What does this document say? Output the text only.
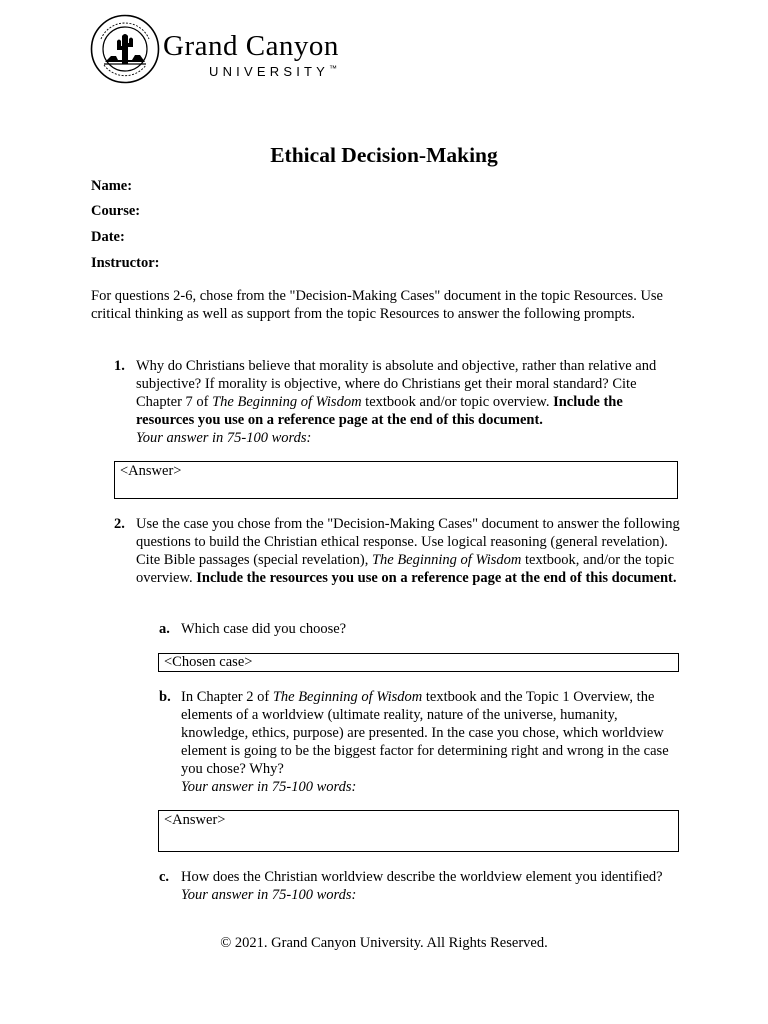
Grand Canyon
UNIVERSITY™
Ethical Decision-Making
Name:
Course:
Date:
Instructor:

For questions 2-6, chose from the "Decision-Making Cases" document in the topic Resources. Use critical thinking as well as support from the topic Resources to answer the following prompts.

1. Why do Christians believe that morality is absolute and objective, rather than relative and subjective? If morality is objective, where do Christians get their moral standard? Cite Chapter 7 of The Beginning of Wisdom textbook and/or topic overview. Include the resources you use on a reference page at the end of this document.
Your answer in 75-100 words:

<Answer>
2. Use the case you chose from the "Decision-Making Cases" document to answer the following questions to build the Christian ethical response. Use logical reasoning (general revelation). Cite Bible passages (special revelation), The Beginning of Wisdom textbook, and/or the topic overview. Include the resources you use on a reference page at the end of this document.

a. Which case did you choose?

<Chosen case>
b. In Chapter 2 of The Beginning of Wisdom textbook and the Topic 1 Overview, the elements of a worldview (ultimate reality, nature of the universe, humanity, knowledge, ethics, purpose) are presented. In the case you chose, which worldview element is going to be the biggest factor for determining right and wrong in the case you chose? Why?
Your answer in 75-100 words:

<Answer>
c. How does the Christian worldview describe the worldview element you identified?
Your answer in 75-100 words:

© 2021. Grand Canyon University. All Rights Reserved.
